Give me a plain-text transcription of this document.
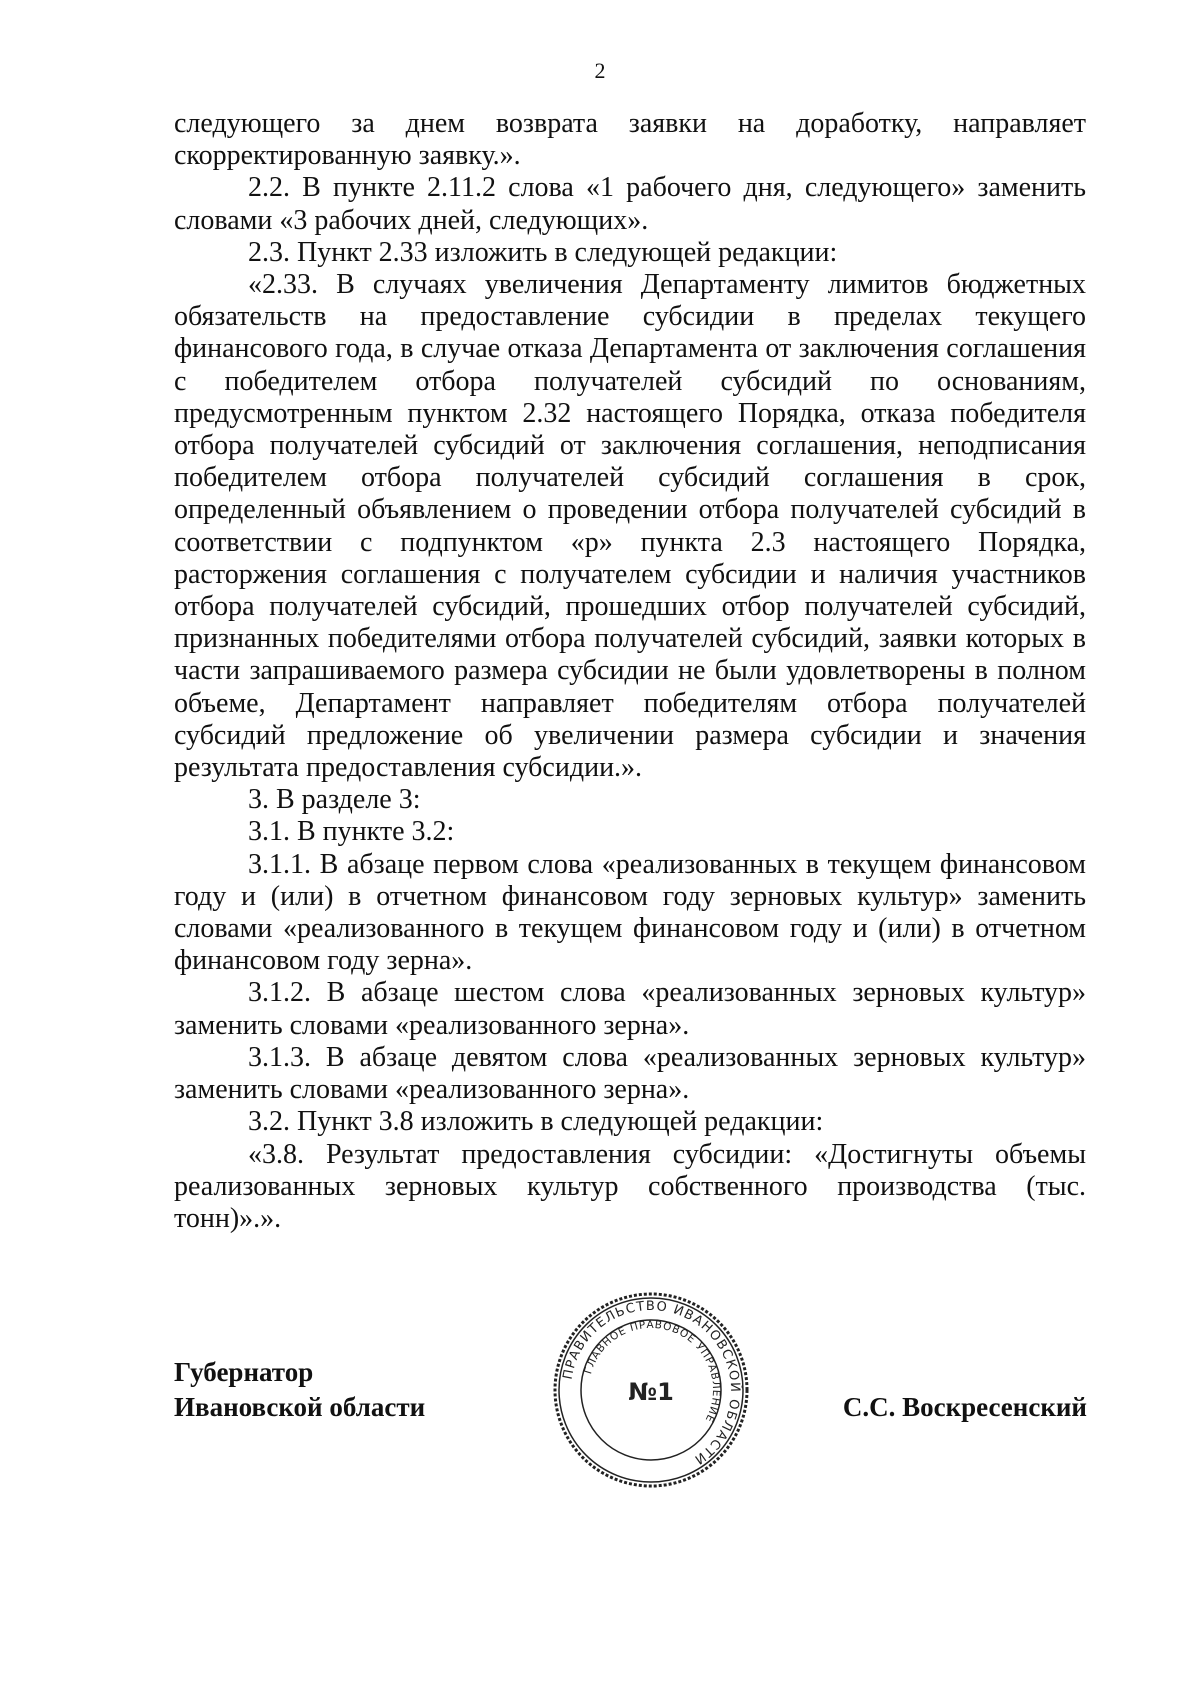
2

следующего за днем возврата заявки на доработку, направляет скорректированную заявку.».

2.2. В пункте 2.11.2 слова «1 рабочего дня, следующего» заменить словами «3 рабочих дней, следующих».

2.3. Пункт 2.33 изложить в следующей редакции:

«2.33. В случаях увеличения Департаменту лимитов бюджетных обязательств на предоставление субсидии в пределах текущего финансового года, в случае отказа Департамента от заключения соглашения с победителем отбора получателей субсидий по основаниям, предусмотренным пунктом 2.32 настоящего Порядка, отказа победителя отбора получателей субсидий от заключения соглашения, неподписания победителем отбора получателей субсидий соглашения в срок, определенный объявлением о проведении отбора получателей субсидий в соответствии с подпунктом «р» пункта 2.3 настоящего Порядка, расторжения соглашения с получателем субсидии и наличия участников отбора получателей субсидий, прошедших отбор получателей субсидий, признанных победителями отбора получателей субсидий, заявки которых в части запрашиваемого размера субсидии не были удовлетворены в полном объеме, Департамент направляет победителям отбора получателей субсидий предложение об увеличении размера субсидии и значения результата предоставления субсидии.».

3. В разделе 3:

3.1. В пункте 3.2:

3.1.1. В абзаце первом слова «реализованных в текущем финансовом году и (или) в отчетном финансовом году зерновых культур» заменить словами «реализованного в текущем финансовом году и (или) в отчетном финансовом году зерна».

3.1.2. В абзаце шестом слова «реализованных зерновых культур» заменить словами «реализованного зерна».

3.1.3. В абзаце девятом слова «реализованных зерновых культур» заменить словами «реализованного зерна».

3.2. Пункт 3.8 изложить в следующей редакции:

«3.8. Результат предоставления субсидии: «Достигнуты объемы реализованных зерновых культур собственного производства (тыс. тонн)».».

Губернатор
Ивановской области
ПРАВИТЕЛЬСТВО ИВАНОВСКОЙ ОБЛАСТИ
ГЛАВНОЕ ПРАВОВОЕ УПРАВЛЕНИЕ
№1	С.С. Воскресенский
